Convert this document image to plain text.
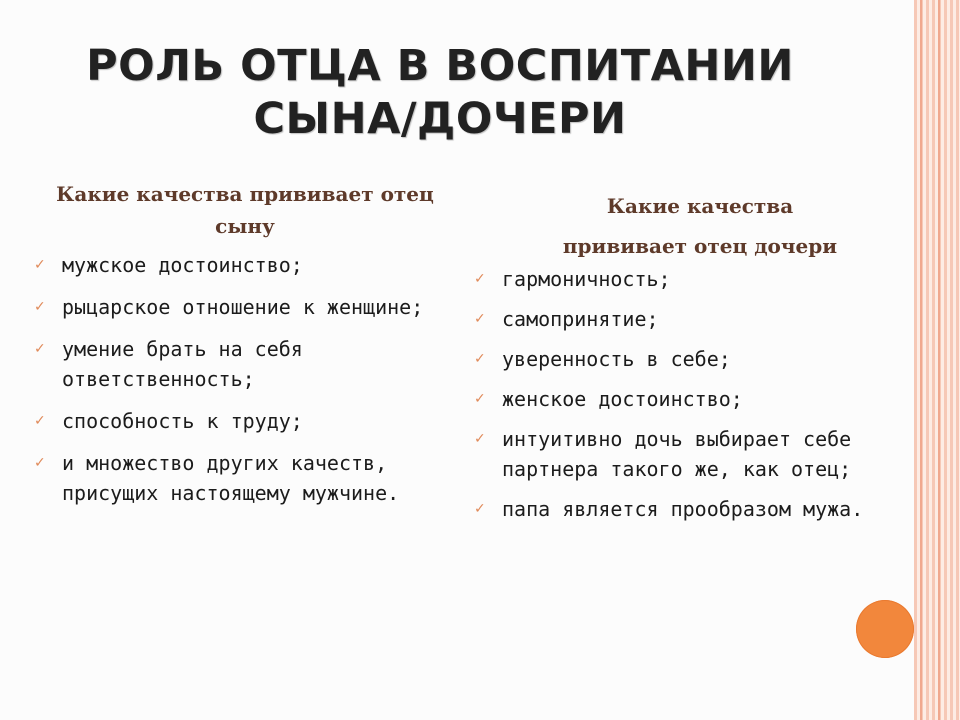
РОЛЬ ОТЦА В ВОСПИТАНИИ
СЫНА/ДОЧЕРИ
Какие качества прививает отец
сыну
✓ мужское достоинство;
✓ рыцарское отношение к женщине;
✓ умение брать на себя ответственность;
✓ способность к труду;
✓ и множество других качеств, присущих настоящему мужчине.
Какие качества
прививает отец дочери
✓ гармоничность;
✓ самопринятие;
✓ уверенность в себе;
✓ женское достоинство;
✓ интуитивно дочь выбирает себе партнера такого же, как отец;
✓ папа является прообразом мужа.
